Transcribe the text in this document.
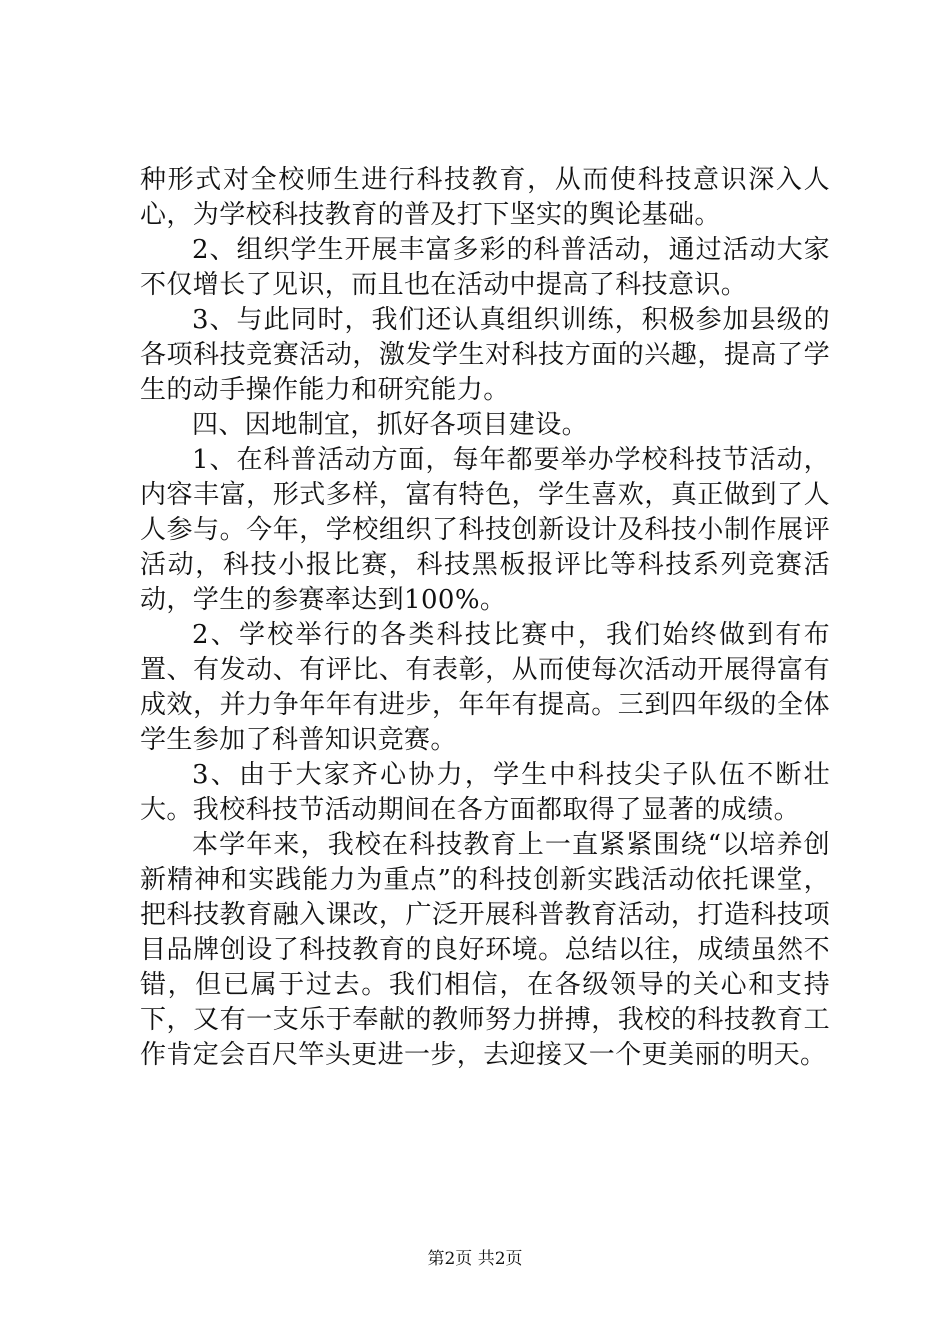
种形式对全校师生进行科技教育，从而使科技意识深入人心，为学校科技教育的普及打下坚实的舆论基础。

2、组织学生开展丰富多彩的科普活动，通过活动大家不仅增长了见识，而且也在活动中提高了科技意识。

3、与此同时，我们还认真组织训练，积极参加县级的各项科技竞赛活动，激发学生对科技方面的兴趣，提高了学生的动手操作能力和研究能力。

四、因地制宜，抓好各项目建设。

1、在科普活动方面，每年都要举办学校科技节活动，内容丰富，形式多样，富有特色，学生喜欢，真正做到了人人参与。今年，学校组织了科技创新设计及科技小制作展评活动，科技小报比赛，科技黑板报评比等科技系列竞赛活动，学生的参赛率达到100%。

2、学校举行的各类科技比赛中，我们始终做到有布置、有发动、有评比、有表彰，从而使每次活动开展得富有成效，并力争年年有进步，年年有提高。三到四年级的全体学生参加了科普知识竞赛。

3、由于大家齐心协力，学生中科技尖子队伍不断壮大。我校科技节活动期间在各方面都取得了显著的成绩。

本学年来，我校在科技教育上一直紧紧围绕“以培养创新精神和实践能力为重点”的科技创新实践活动依托课堂，把科技教育融入课改，广泛开展科普教育活动，打造科技项目品牌创设了科技教育的良好环境。总结以往，成绩虽然不错，但已属于过去。我们相信，在各级领导的关心和支持下，又有一支乐于奉献的教师努力拼搏，我校的科技教育工作肯定会百尺竿头更进一步，去迎接又一个更美丽的明天。

第2页 共2页
